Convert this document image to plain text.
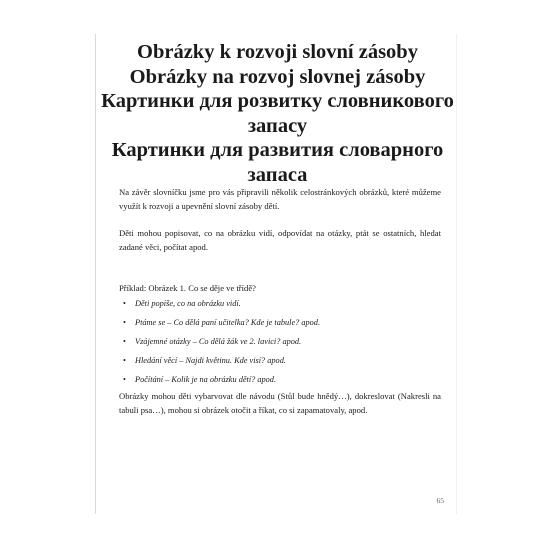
Obrázky k rozvoji slovní zásoby
Obrázky na rozvoj slovnej zásoby
Картинки для розвитку словникового
запасу
Картинки для развития словарного
запаса
Na závěr slovníčku jsme pro vás připravili několik celostránkových obrázků, které můžeme využít k rozvoji a upevnění slovní zásoby dětí.
Děti mohou popisovat, co na obrázku vidí, odpovídat na otázky, ptát se ostatních, hledat zadané věci, počítat apod.
Příklad: Obrázek 1. Co se děje ve třídě?
• Děti popíše, co na obrázku vidí.
• Ptáme se – Co dělá paní učitelka? Kde je tabule? apod.
• Vzájemné otázky – Co dělá žák ve 2. lavici? apod.
• Hledání věcí – Najdi květinu. Kde visí? apod.
• Počítání – Kolik je na obrázku dětí? apod.
Obrázky mohou děti vybarvovat dle návodu (Stůl bude hnědý…), dokreslovat (Nakresli na tabuli psa…), mohou si obrázek otočit a říkat, co si zapamatovaly, apod.
65
